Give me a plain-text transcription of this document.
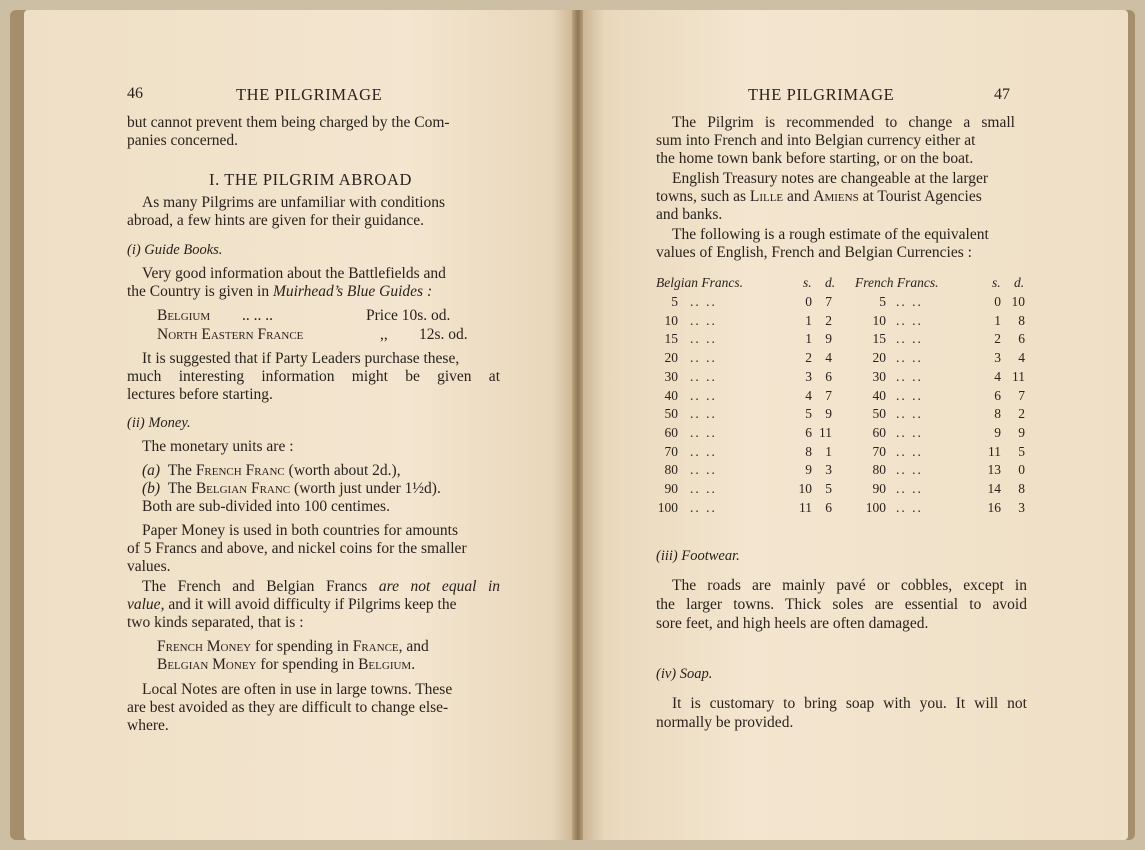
46	THE PILGRIMAGE
but cannot prevent them being charged by the Com-
panies concerned.
I. THE PILGRIM ABROAD
As many Pilgrims are unfamiliar with conditions
abroad, a few hints are given for their guidance.
(i) Guide Books.
Very good information about the Battlefields and
the Country is given in Muirhead’s Blue Guides :
Belgium .. .. ..	Price 10s. od.
North Eastern France	,, 12s. od.
It is suggested that if Party Leaders purchase these,
much interesting information might be given at
lectures before starting.
(ii) Money.
The monetary units are :
(a) The French Franc (worth about 2d.),
(b) The Belgian Franc (worth just under 1½d).
Both are sub-divided into 100 centimes.
Paper Money is used in both countries for amounts
of 5 Francs and above, and nickel coins for the smaller
values.
The French and Belgian Francs are not equal in
value, and it will avoid difficulty if Pilgrims keep the
two kinds separated, that is :
French Money for spending in France, and
Belgian Money for spending in Belgium.
Local Notes are often in use in large towns. These
are best avoided as they are difficult to change else-
where.
THE PILGRIMAGE	47
The Pilgrim is recommended to change a small
sum into French and into Belgian currency either at
the home town bank before starting, or on the boat.
English Treasury notes are changeable at the larger
towns, such as Lille and Amiens at Tourist Agencies
and banks.
The following is a rough estimate of the equivalent
values of English, French and Belgian Currencies :
Belgian Francs.	s. d. French Francs.	s. d.
5 .. ..	0 7	5 .. ..	0 10
10 .. ..	1 2	10 .. ..	1 8
15 .. ..	1 9	15 .. ..	2 6
20 .. ..	2 4	20 .. ..	3 4
30 .. ..	3 6	30 .. ..	4 11
40 .. ..	4 7	40 .. ..	6 7
50 .. ..	5 9	50 .. ..	8 2
60 .. ..	6 11	60 .. ..	9 9
70 .. ..	8 1	70 .. ..	11 5
80 .. ..	9 3	80 .. ..	13 0
90 .. ..	10 5	90 .. ..	14 8
100 .. ..	11 6	100 .. ..	16 3
(iii) Footwear.
The roads are mainly pavé or cobbles, except in
the larger towns. Thick soles are essential to avoid
sore feet, and high heels are often damaged.
(iv) Soap.
It is customary to bring soap with you. It will not
normally be provided.
